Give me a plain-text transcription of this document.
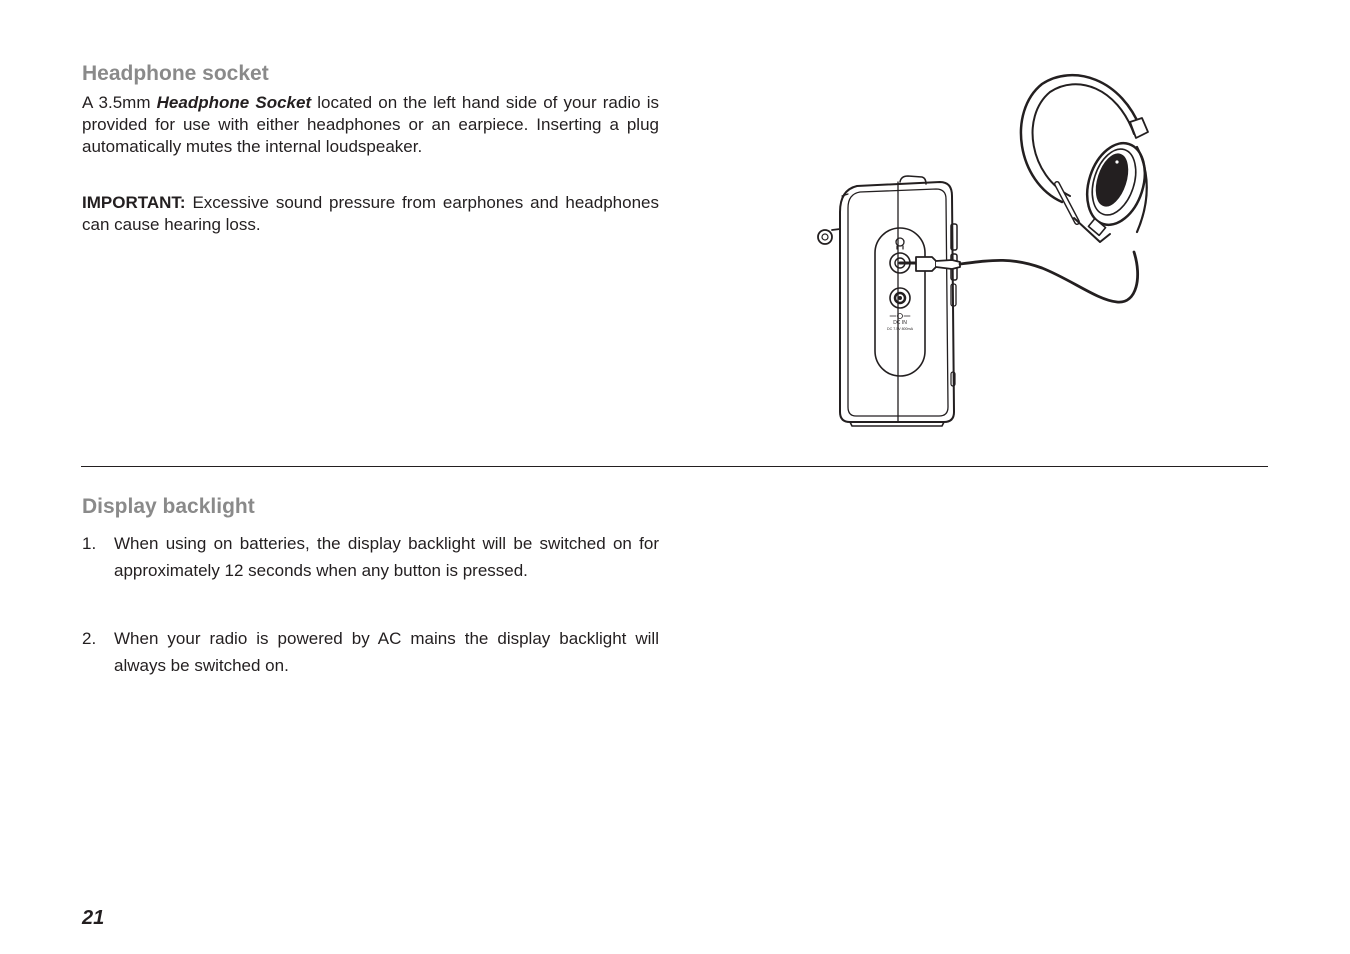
Headphone socket

A 3.5mm Headphone Socket located on the left hand side of your radio is provided for use with either headphones or an earpiece. Inserting a plug automatically mutes the internal loudspeaker.

IMPORTANT: Excessive sound pressure from earphones and headphones can cause hearing loss.

DC IN
DC 7.5V 800mA
Display backlight
1. When using on batteries, the display backlight will be switched on for approximately 12 seconds when any button is pressed.
2. When your radio is powered by AC mains the display backlight will always be switched on.
21
